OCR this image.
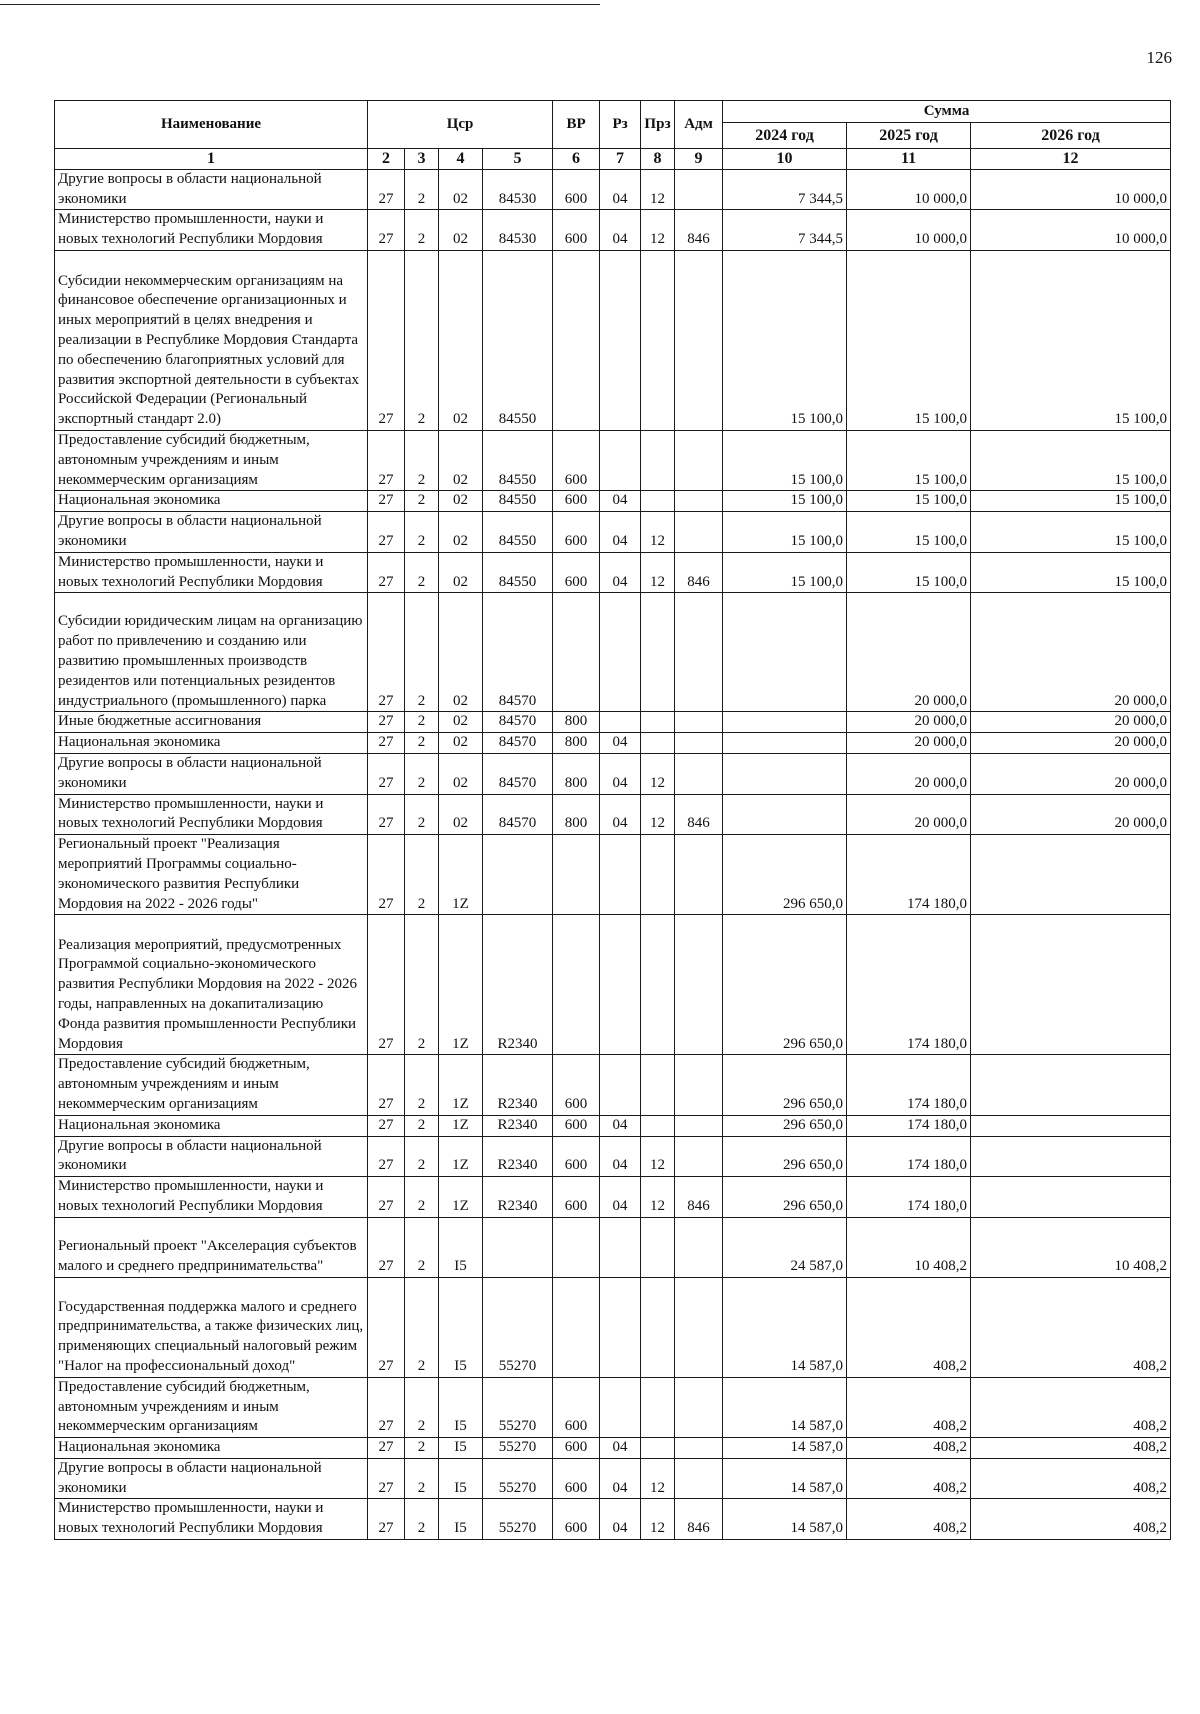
126
Наименование	Цср				ВР	Рз	Прз	Адм	Сумма		
									2024 год	2025 год	2026 год
1	2	3	4	5	6	7	8	9	10	11	12
Другие вопросы в области национальной экономики	27	2	02	84530	600	04	12		7 344,5	10 000,0	10 000,0
Министерство промышленности, науки и новых технологий Республики Мордовия	27	2	02	84530	600	04	12	846	7 344,5	10 000,0	10 000,0
Субсидии некоммерческим организациям на финансовое обеспечение организационных и иных мероприятий в целях внедрения и реализации в Республике Мордовия Стандарта по обеспечению благоприятных условий для развития экспортной деятельности в субъектах Российской Федерации (Региональный экспортный стандарт 2.0)	27	2	02	84550					15 100,0	15 100,0	15 100,0
Предоставление субсидий бюджетным, автономным учреждениям и иным некоммерческим организациям	27	2	02	84550	600				15 100,0	15 100,0	15 100,0
Национальная экономика	27	2	02	84550	600	04			15 100,0	15 100,0	15 100,0
Другие вопросы в области национальной экономики	27	2	02	84550	600	04	12		15 100,0	15 100,0	15 100,0
Министерство промышленности, науки и новых технологий Республики Мордовия	27	2	02	84550	600	04	12	846	15 100,0	15 100,0	15 100,0
Субсидии юридическим лицам на организацию работ по привлечению и созданию или развитию промышленных производств резидентов или потенциальных резидентов индустриального (промышленного) парка	27	2	02	84570						20 000,0	20 000,0
Иные бюджетные ассигнования	27	2	02	84570	800					20 000,0	20 000,0
Национальная экономика	27	2	02	84570	800	04				20 000,0	20 000,0
Другие вопросы в области национальной экономики	27	2	02	84570	800	04	12			20 000,0	20 000,0
Министерство промышленности, науки и новых технологий Республики Мордовия	27	2	02	84570	800	04	12	846		20 000,0	20 000,0
Региональный проект "Реализация мероприятий Программы социально-экономического развития Республики Мордовия на 2022 - 2026 годы"	27	2	1Z						296 650,0	174 180,0	
Реализация мероприятий, предусмотренных Программой социально-экономического развития Республики Мордовия на 2022 - 2026 годы, направленных на докапитализацию Фонда развития промышленности Республики Мордовия	27	2	1Z	R2340					296 650,0	174 180,0	
Предоставление субсидий бюджетным, автономным учреждениям и иным некоммерческим организациям	27	2	1Z	R2340	600				296 650,0	174 180,0	
Национальная экономика	27	2	1Z	R2340	600	04			296 650,0	174 180,0	
Другие вопросы в области национальной экономики	27	2	1Z	R2340	600	04	12		296 650,0	174 180,0	
Министерство промышленности, науки и новых технологий Республики Мордовия	27	2	1Z	R2340	600	04	12	846	296 650,0	174 180,0	
Региональный проект "Акселерация субъектов малого и среднего предпринимательства"	27	2	I5						24 587,0	10 408,2	10 408,2
Государственная поддержка малого и среднего предпринимательства, а также физических лиц, применяющих специальный налоговый режим "Налог на профессиональный доход"	27	2	I5	55270					14 587,0	408,2	408,2
Предоставление субсидий бюджетным, автономным учреждениям и иным некоммерческим организациям	27	2	I5	55270	600				14 587,0	408,2	408,2
Национальная экономика	27	2	I5	55270	600	04			14 587,0	408,2	408,2
Другие вопросы в области национальной экономики	27	2	I5	55270	600	04	12		14 587,0	408,2	408,2
Министерство промышленности, науки и новых технологий Республики Мордовия	27	2	I5	55270	600	04	12	846	14 587,0	408,2	408,2
